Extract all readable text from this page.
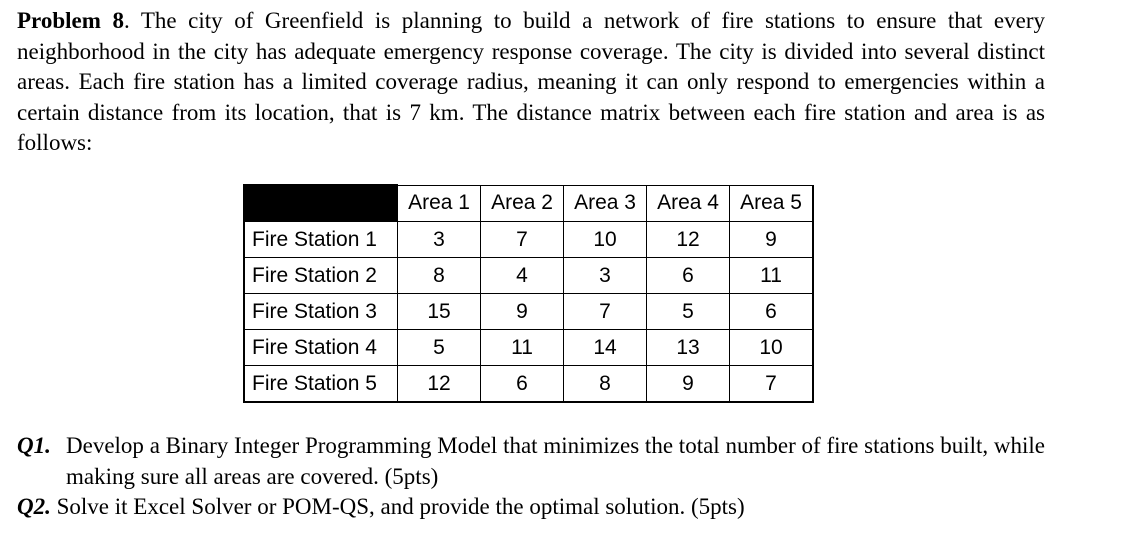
Problem 8. The city of Greenfield is planning to build a network of fire stations to ensure that every neighborhood in the city has adequate emergency response coverage. The city is divided into several distinct areas. Each fire station has a limited coverage radius, meaning it can only respond to emergencies within a certain distance from its location, that is 7 km. The distance matrix between each fire station and area is as follows:
	Area 1	Area 2	Area 3	Area 4	Area 5
Fire Station 1	3	7	10	12	9
Fire Station 2	8	4	3	6	11
Fire Station 3	15	9	7	5	6
Fire Station 4	5	11	14	13	10
Fire Station 5	12	6	8	9	7
Q1. Develop a Binary Integer Programming Model that minimizes the total number of fire stations built, while making sure all areas are covered. (5pts)
Q2. Solve it Excel Solver or POM-QS, and provide the optimal solution. (5pts)
